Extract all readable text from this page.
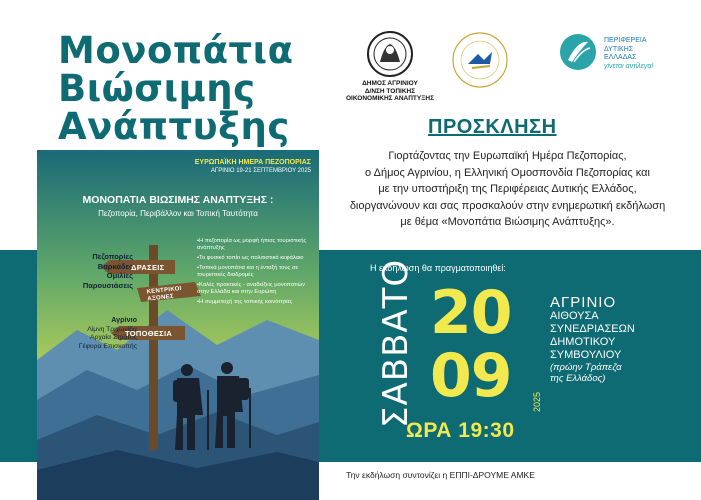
Μονοπάτια
Βιώσιμης
Ανάπτυξης
ΔΗΜΟΣ ΑΓΡΙΝΙΟΥ
Δ/ΝΣΗ ΤΟΠΙΚΗΣ
ΟΙΚΟΝΟΜΙΚΗΣ ΑΝΑΠΤΥΞΗΣ
ΠΕΡΙΦΕΡΕΙΑ
ΔΥΤΙΚΗΣ
ΕΛΛΑΔΑΣ
γίνεται αντίλεγα!
ΠΡΟΣΚΛΗΣΗ
Γιορτάζοντας την Ευρωπαϊκή Ημέρα Πεζοπορίας,
ο Δήμος Αγρινίου, η Ελληνική Ομοσπονδία Πεζοπορίας και
με την υποστήριξη της Περιφέρειας Δυτικής Ελλάδος,
διοργανώνουν και σας προσκαλούν στην ενημερωτική εκδήλωση
με θέμα «Μονοπάτια Βιώσιμης Ανάπτυξης».
ΕΥΡΩΠΑΪΚΗ ΗΜΕΡΑ ΠΕΖΟΠΟΡΙΑΣ
ΑΓΡΙΝΙΟ 19-21 ΣΕΠΤΕΜΒΡΙΟΥ 2025
ΜΟΝΟΠΑΤΙΑ ΒΙΩΣΙΜΗΣ ΑΝΑΠΤΥΞΗΣ :
Πεζοπορία, Περιβάλλον και Τοπική Ταυτότητα
Πεζοπορίες
Βαρκάδες
Ομιλίες
Παρουσιάσεις
Αγρίνιο
Λίμνη Τριχωνίδα
Αρχαία Στράτος
Γέφυρα Επισκοπής
ΔΡΑΣΕΙΣ
ΚΕΝΤΡΙΚΟΙ ΑΞΟΝΕΣ
ΤΟΠΟΘΕΣΙΑ
•Η πεζοπορία ως μορφή ήπιας τουριστικής ανάπτυξης
•Το φυσικό τοπίο ως πολιτιστικό κεφάλαιο
•Τοπικά μονοπάτια και η ένταξή τους σε τουριστικές διαδρομές
•Καλές πρακτικές - αναδείξεις μονοπατιών στην Ελλάδα και στην Ευρώπη
•Η συμμετοχή της τοπικής κοινότητας
Η εκδήλωση θα πραγματοποιηθεί:
ΣΑΒΒΑΤΟ 20
09 2025
ΩΡΑ 19:30
ΑΓΡΙΝΙΟ
ΑΙΘΟΥΣΑ
ΣΥΝΕΔΡΙΑΣΕΩΝ
ΔΗΜΟΤΙΚΟΥ
ΣΥΜΒΟΥΛΙΟΥ
(πρώην Τράπεζα
της Ελλάδος)
Την εκδήλωση συντονίζει η ΕΠΠΙ-ΔΡΟΥΜΕ ΑΜΚΕ
